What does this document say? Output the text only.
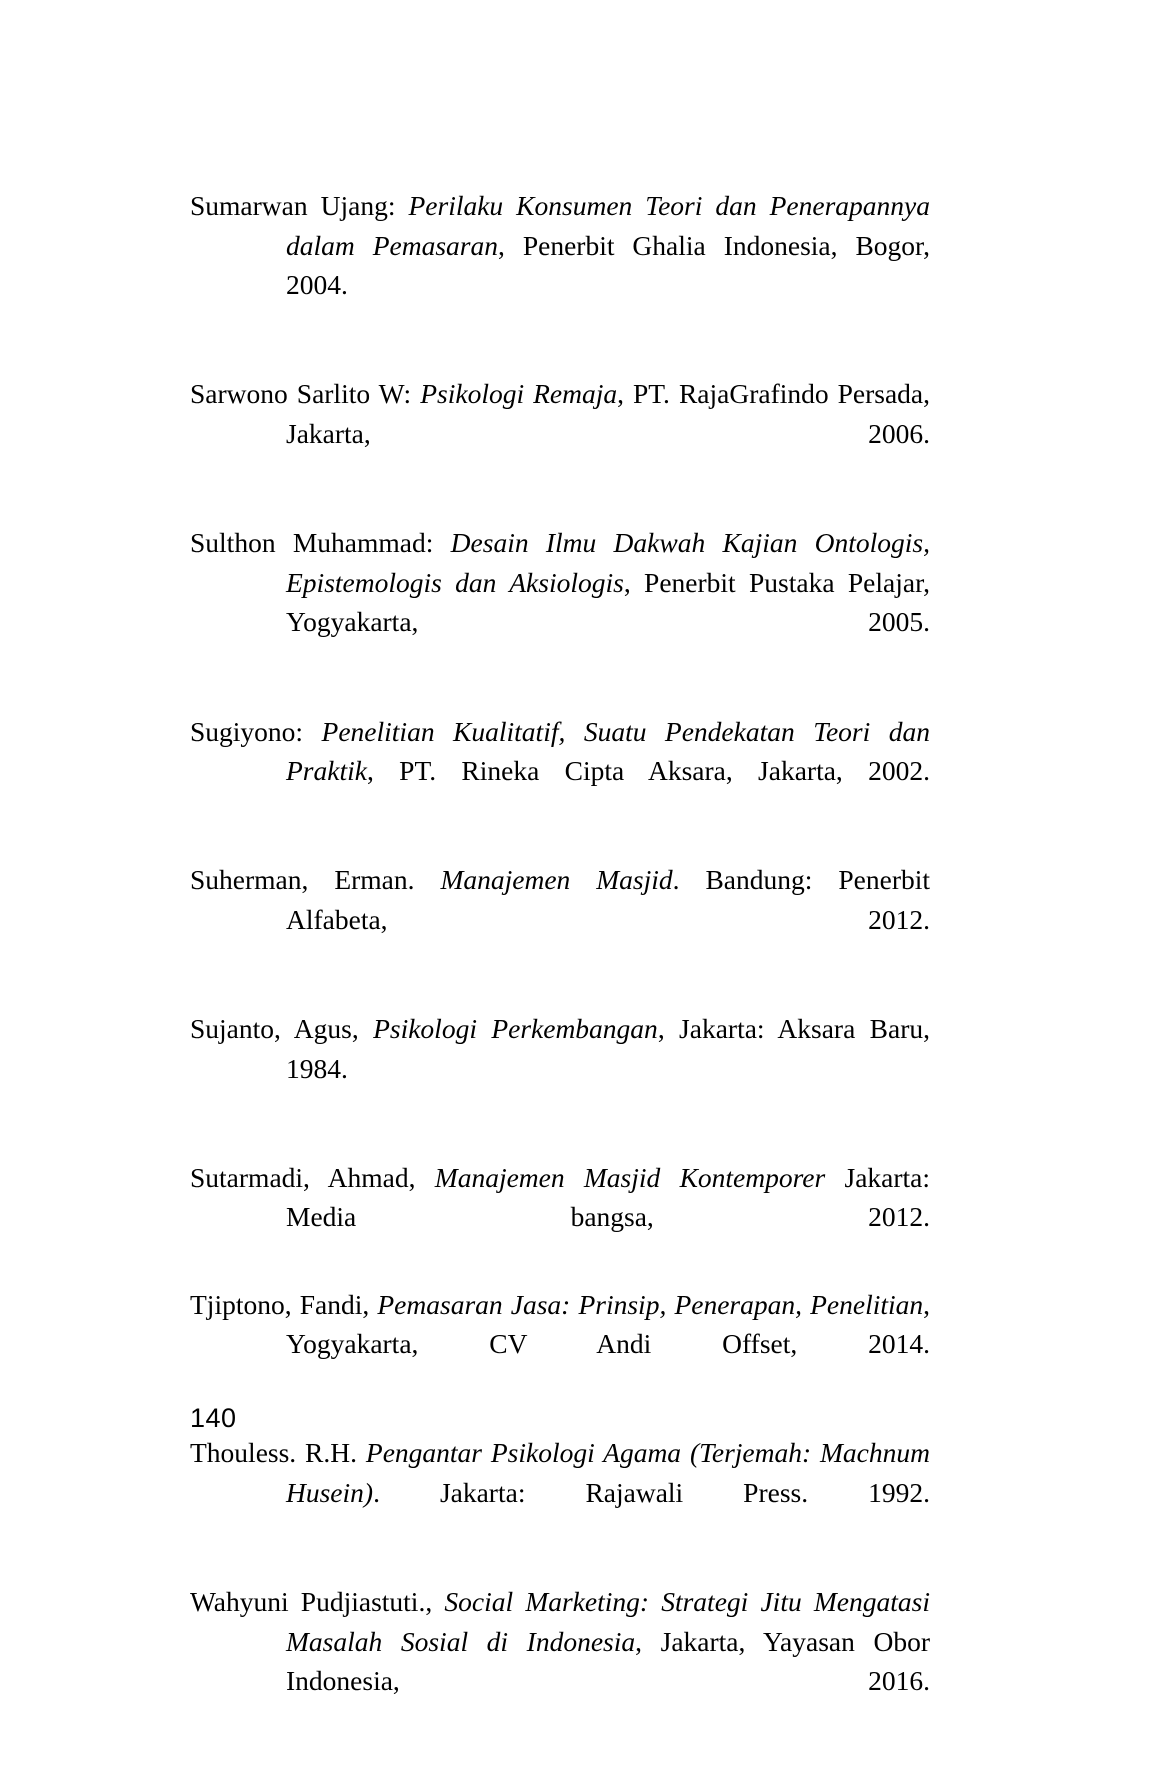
Sumarwan Ujang: Perilaku Konsumen Teori dan Penerapannya dalam Pemasaran, Penerbit Ghalia Indonesia, Bogor, 2004.

Sarwono Sarlito W: Psikologi Remaja, PT. RajaGrafindo Persada, Jakarta, 2006.

Sulthon Muhammad: Desain Ilmu Dakwah Kajian Ontologis, Epistemologis dan Aksiologis, Penerbit Pustaka Pelajar, Yogyakarta, 2005.

Sugiyono: Penelitian Kualitatif, Suatu Pendekatan Teori dan Praktik, PT. Rineka Cipta Aksara, Jakarta, 2002.

Suherman, Erman. Manajemen Masjid. Bandung: Penerbit Alfabeta, 2012.

Sujanto, Agus, Psikologi Perkembangan, Jakarta: Aksara Baru, 1984.

Sutarmadi, Ahmad, Manajemen Masjid Kontemporer Jakarta: Media bangsa, 2012.

Tjiptono, Fandi, Pemasaran Jasa: Prinsip, Penerapan, Penelitian, Yogyakarta, CV Andi Offset, 2014.

Thouless. R.H. Pengantar Psikologi Agama (Terjemah: Machnum Husein). Jakarta: Rajawali Press. 1992.

Wahyuni Pudjiastuti., Social Marketing: Strategi Jitu Mengatasi Masalah Sosial di Indonesia, Jakarta, Yayasan Obor Indonesia, 2016.

140
